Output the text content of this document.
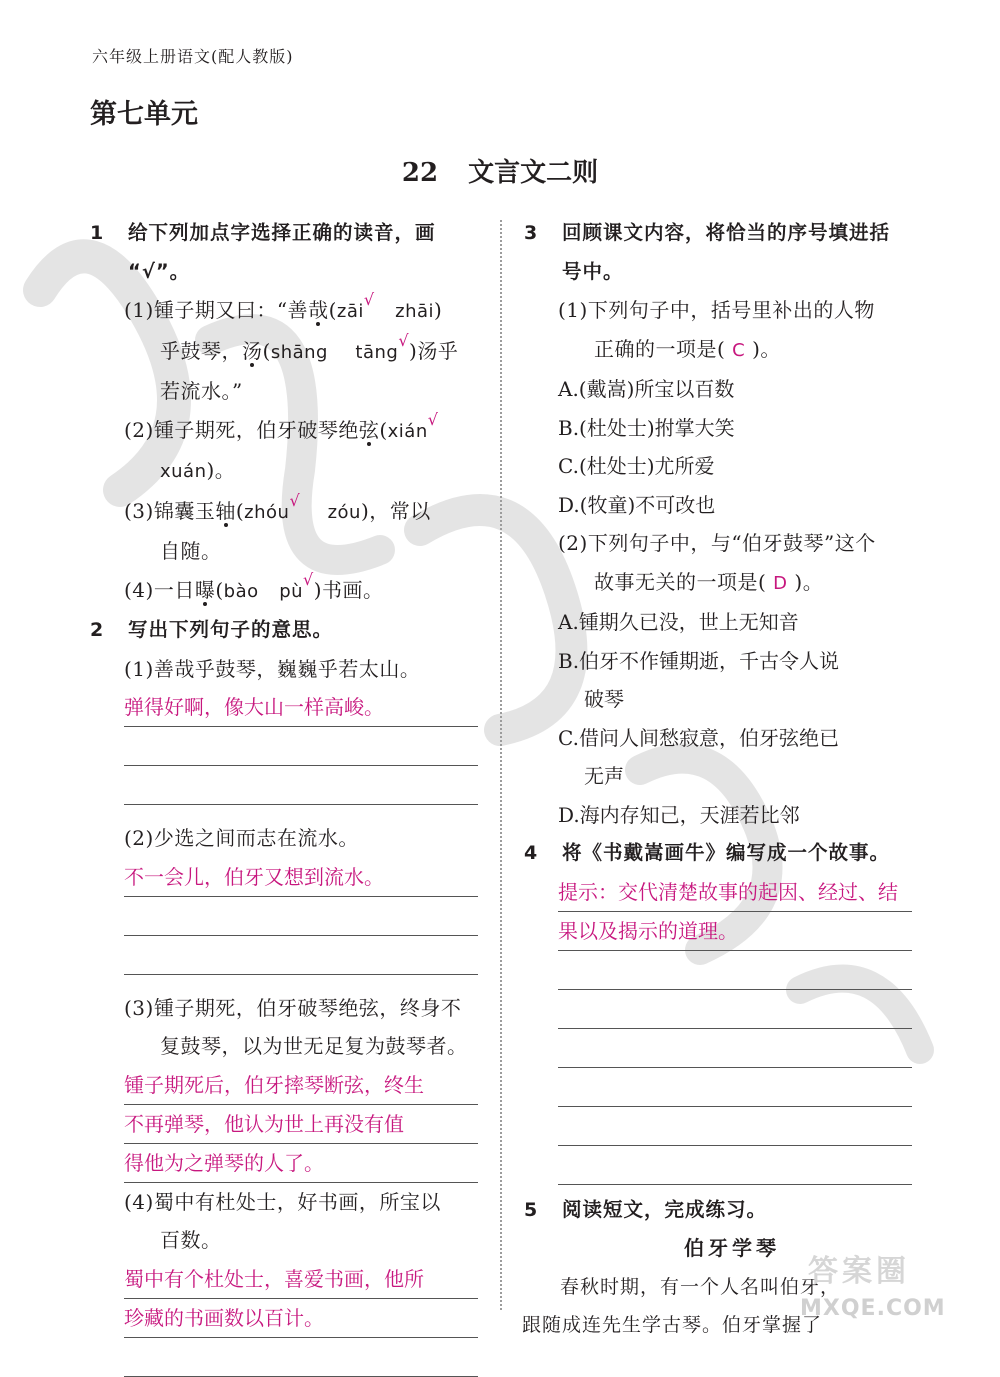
六年级上册语文(配人教版)
第七单元
22 文言文二则
1 给下列加点字选择正确的读音，画
“√”。
(1)锺子期又曰：“善哉(zāi√   zhāi)
乎鼓琴，汤(shāng tāng√)汤乎
若流水。”
(2)锺子期死，伯牙破琴绝弦(xián√
xuán)。
(3)锦囊玉轴(zhóu√    zóu)，常以
自随。
(4)一日曝(bào pù√)书画。
2 写出下列句子的意思。
(1)善哉乎鼓琴，巍巍乎若太山。
弹得好啊，像大山一样高峻。
(2)少选之间而志在流水。
不一会儿，伯牙又想到流水。
(3)锺子期死，伯牙破琴绝弦，终身不
复鼓琴，以为世无足复为鼓琴者。
锺子期死后，伯牙摔琴断弦，终生
不再弹琴，他认为世上再没有值
得他为之弹琴的人了。
(4)蜀中有杜处士，好书画，所宝以
百数。
蜀中有个杜处士，喜爱书画，他所
珍藏的书画数以百计。
3 回顾课文内容，将恰当的序号填进括
号中。
(1)下列句子中，括号里补出的人物
正确的一项是( C )。
A.(戴嵩)所宝以百数
B.(杜处士)拊掌大笑
C.(杜处士)尤所爱
D.(牧童)不可改也
(2)下列句子中，与“伯牙鼓琴”这个
故事无关的一项是( D )。
A.锺期久已没，世上无知音
B.伯牙不作锺期逝，千古令人说
破琴
C.借问人间愁寂意，伯牙弦绝已
无声
D.海内存知己，天涯若比邻
4 将《书戴嵩画牛》编写成一个故事。
提示：交代清楚故事的起因、经过、结
果以及揭示的道理。
5 阅读短文，完成练习。
伯牙学琴

春秋时期，有一个人名叫伯牙，

跟随成连先生学古琴。伯牙掌握了

答案圈
MXQE.COM
